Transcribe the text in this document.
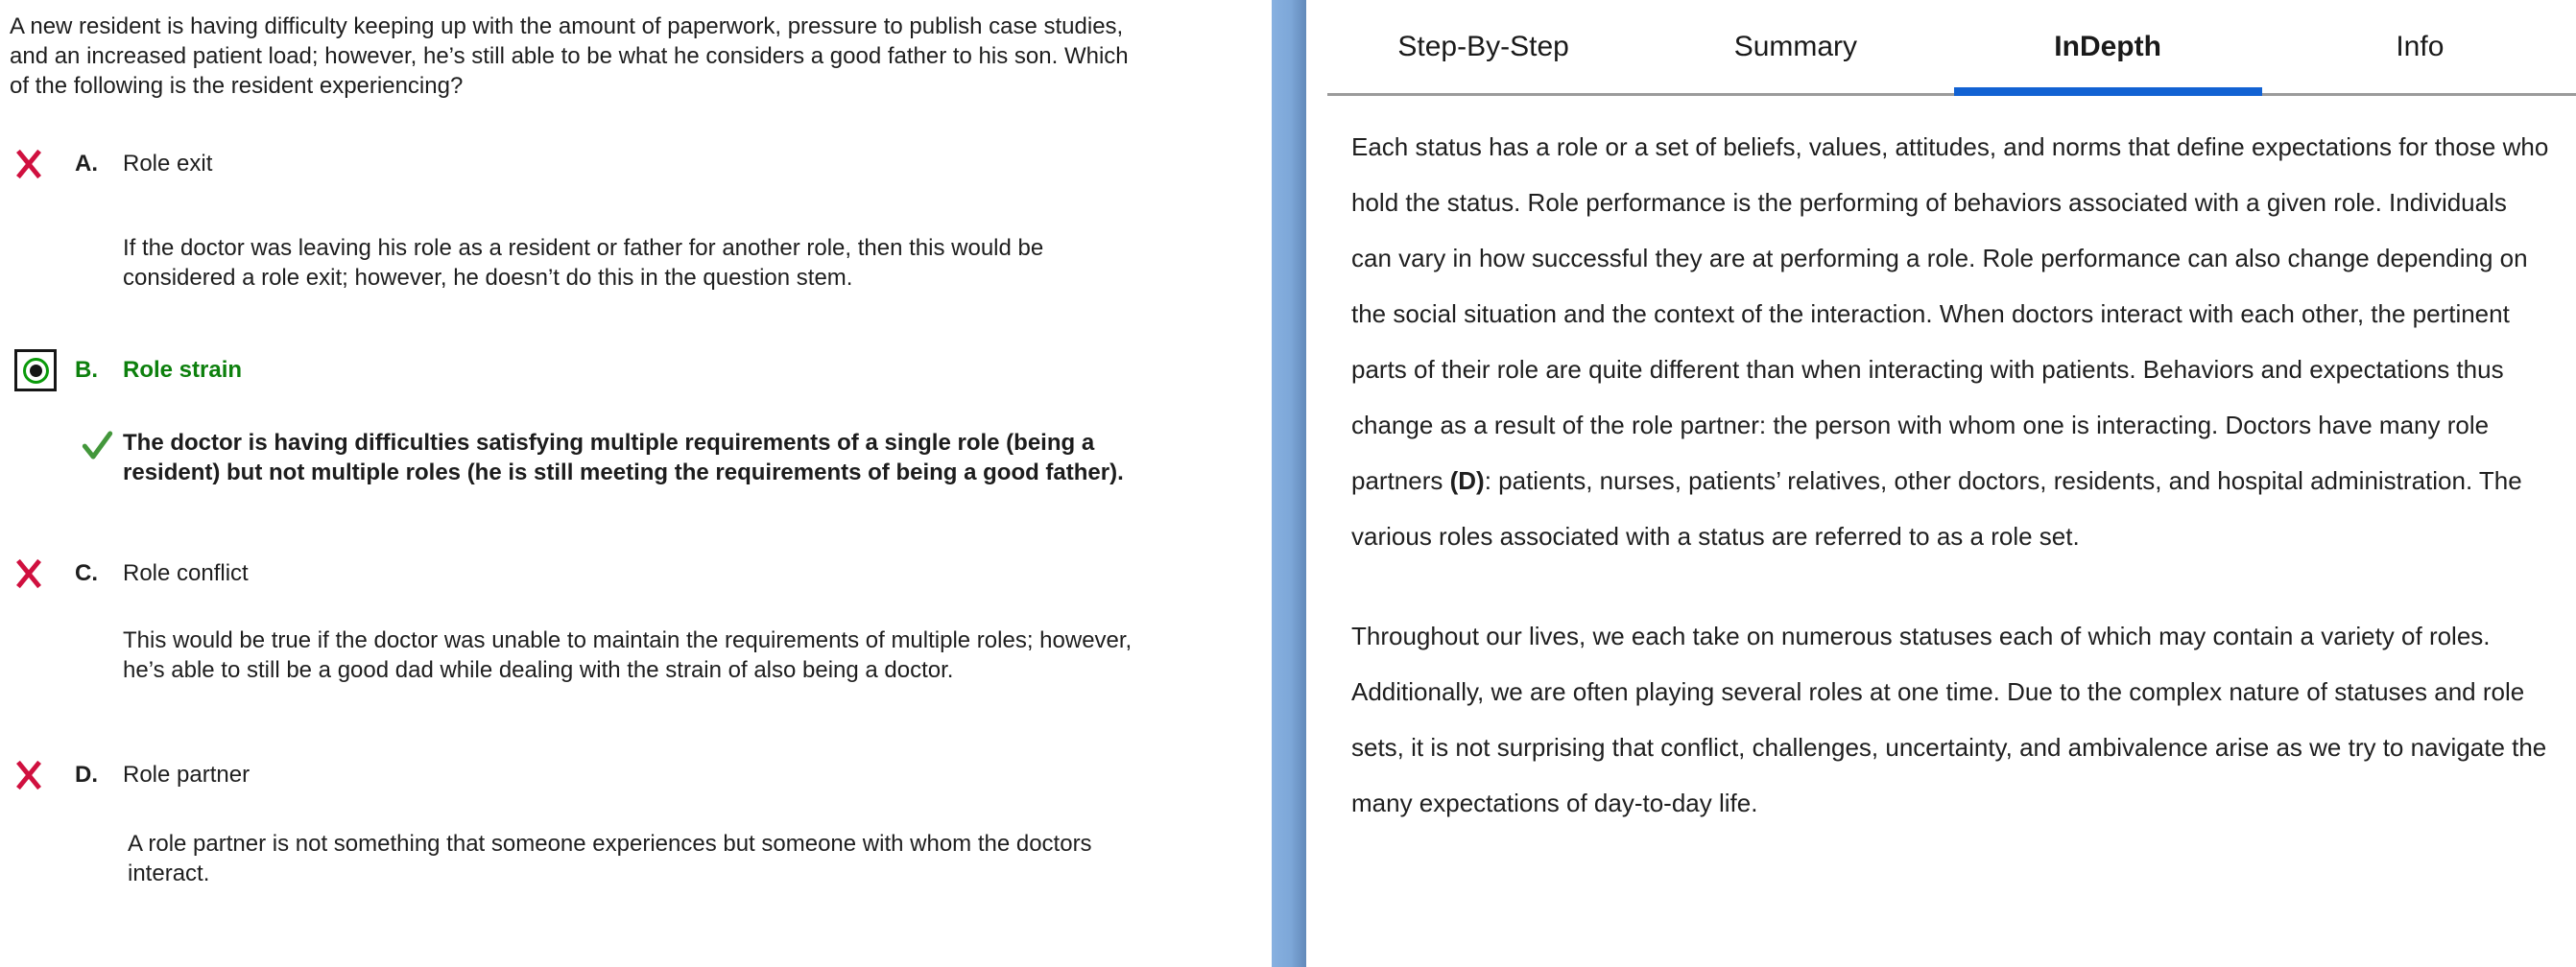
A new resident is having difficulty keeping up with the amount of paperwork, pressure to publish case studies, and an increased patient load; however, he’s still able to be what he considers a good father to his son. Which of the following is the resident experiencing?

A.	Role exit

If the doctor was leaving his role as a resident or father for another role, then this would be considered a role exit; however, he doesn’t do this in the question stem.

B.	Role strain

The doctor is having difficulties satisfying multiple requirements of a single role (being a resident) but not multiple roles (he is still meeting the requirements of being a good father).

C.	Role conflict

This would be true if the doctor was unable to maintain the requirements of multiple roles; however, he’s able to still be a good dad while dealing with the strain of also being a doctor.

D.	Role partner

A role partner is not something that someone experiences but someone with whom the doctors interact.

Step-By-Step	Summary	InDepth	Info

Each status has a role or a set of beliefs, values, attitudes, and norms that define expectations for those who hold the status. Role performance is the performing of behaviors associated with a given role. Individuals can vary in how successful they are at performing a role. Role performance can also change depending on the social situation and the context of the interaction. When doctors interact with each other, the pertinent parts of their role are quite different than when interacting with patients. Behaviors and expectations thus change as a result of the role partner: the person with whom one is interacting. Doctors have many role partners (D): patients, nurses, patients’ relatives, other doctors, residents, and hospital administration. The various roles associated with a status are referred to as a role set.

Throughout our lives, we each take on numerous statuses each of which may contain a variety of roles. Additionally, we are often playing several roles at one time. Due to the complex nature of statuses and role sets, it is not surprising that conflict, challenges, uncertainty, and ambivalence arise as we try to navigate the many expectations of day-to-day life.
